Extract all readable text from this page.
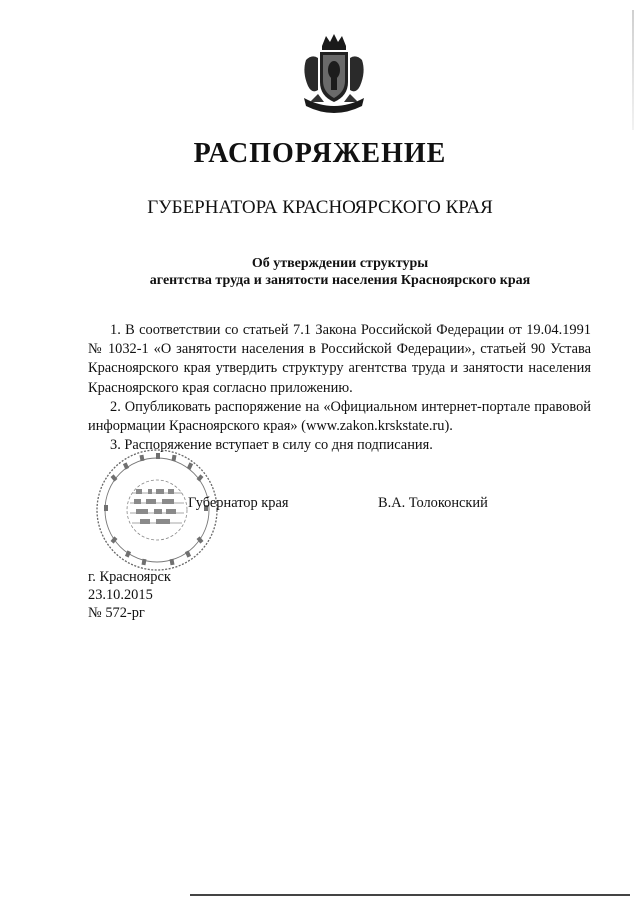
РАСПОРЯЖЕНИЕ
ГУБЕРНАТОРА КРАСНОЯРСКОГО КРАЯ
Об утверждении структуры
агентства труда и занятости населения Красноярского края

1. В соответствии со статьей 7.1 Закона Российской Федерации от 19.04.1991 № 1032-1 «О занятости населения в Российской Федерации», статьей 90 Устава Красноярского края утвердить структуру агентства труда и занятости населения Красноярского края согласно приложению.

2. Опубликовать распоряжение на «Официальном интернет-портале правовой информации Красноярского края» (www.zakon.krskstate.ru).

3. Распоряжение вступает в силу со дня подписания.

Губернатор края	В.А. Толоконский
г. Красноярск
23.10.2015
№ 572-рг
